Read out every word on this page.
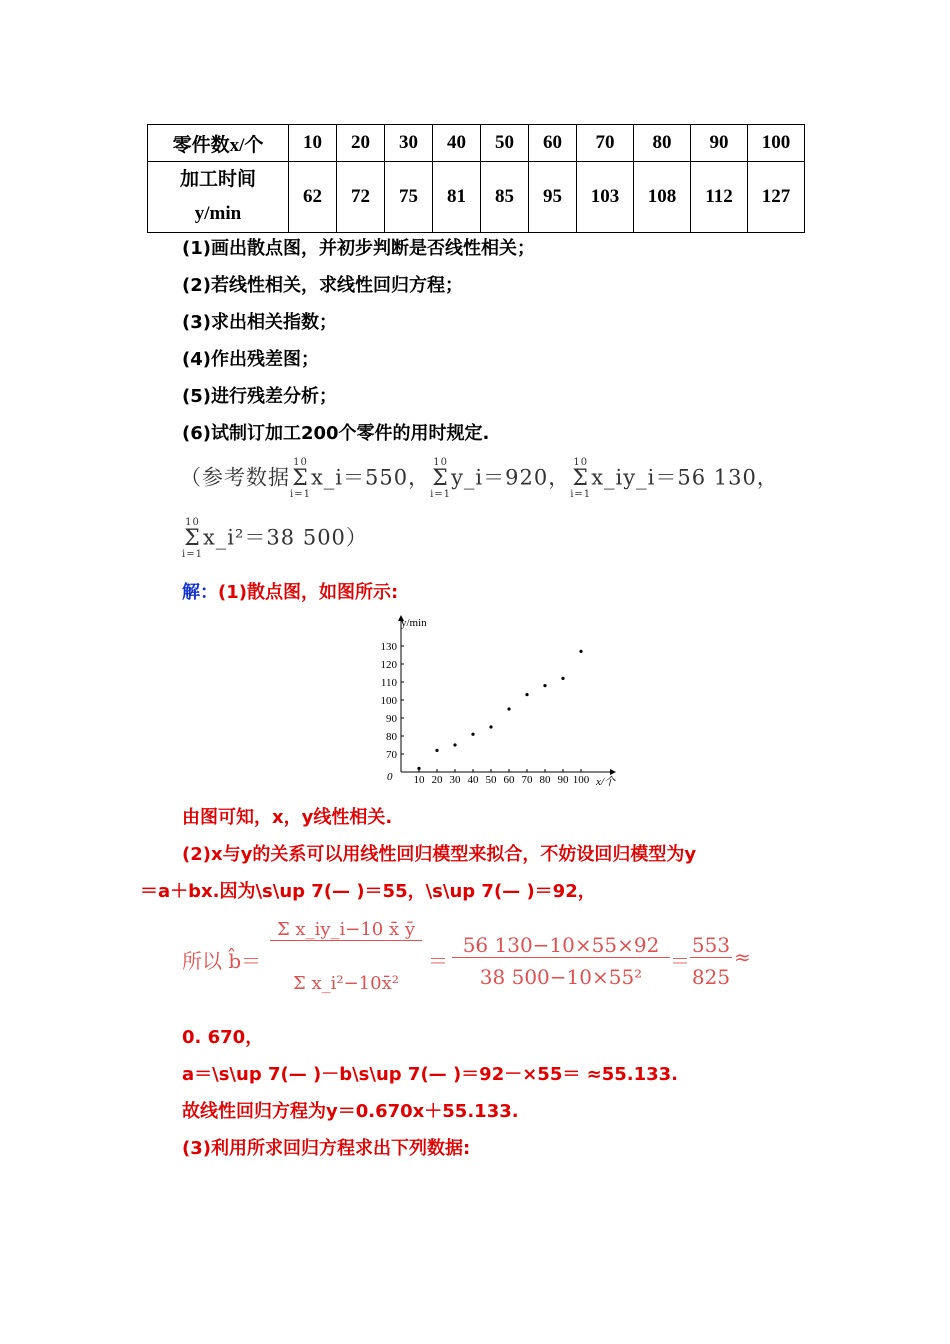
零件数x/个	10	20	30	40	50	60	70	80	90	100

加工时间
y/min	62	72	75	81	85	95	103	108	112	127
(1)画出散点图，并初步判断是否线性相关；
(2)若线性相关，求线性回归方程；
(3)求出相关指数；
(4)作出残差图；
(5)进行残差分析；
(6)试制订加工200个零件的用时规定.
（参考数据10
Σ
i=1x_i＝550，10
Σ
i=1y_i＝920，10
Σ
i=1x_iy_i＝56 130，
10
Σ
i=1x_i²＝38 500）
解：(1)散点图，如图所示:
y/min
x/个
0 10 20 30 40 50 60 70 80 90 100
70
80
90
100
110
120
130
由图可知，x，y线性相关.
(2)x与y的关系可以用线性回归模型来拟合，不妨设回归模型为y
＝a＋bx.因为\s\up 7(— )＝55，\s\up 7(— )＝92，
所以 b̂＝
Σ x_iy_i−10 x̄ ȳ
Σ x_i²−10x̄²
＝
56 130−10×55×92
38 500−10×55²
＝
553
825
≈
0. 670，
a＝\s\up 7(— )－b\s\up 7(— )＝92－×55＝ ≈55.133.
故线性回归方程为y＝0.670x＋55.133.
(3)利用所求回归方程求出下列数据:
